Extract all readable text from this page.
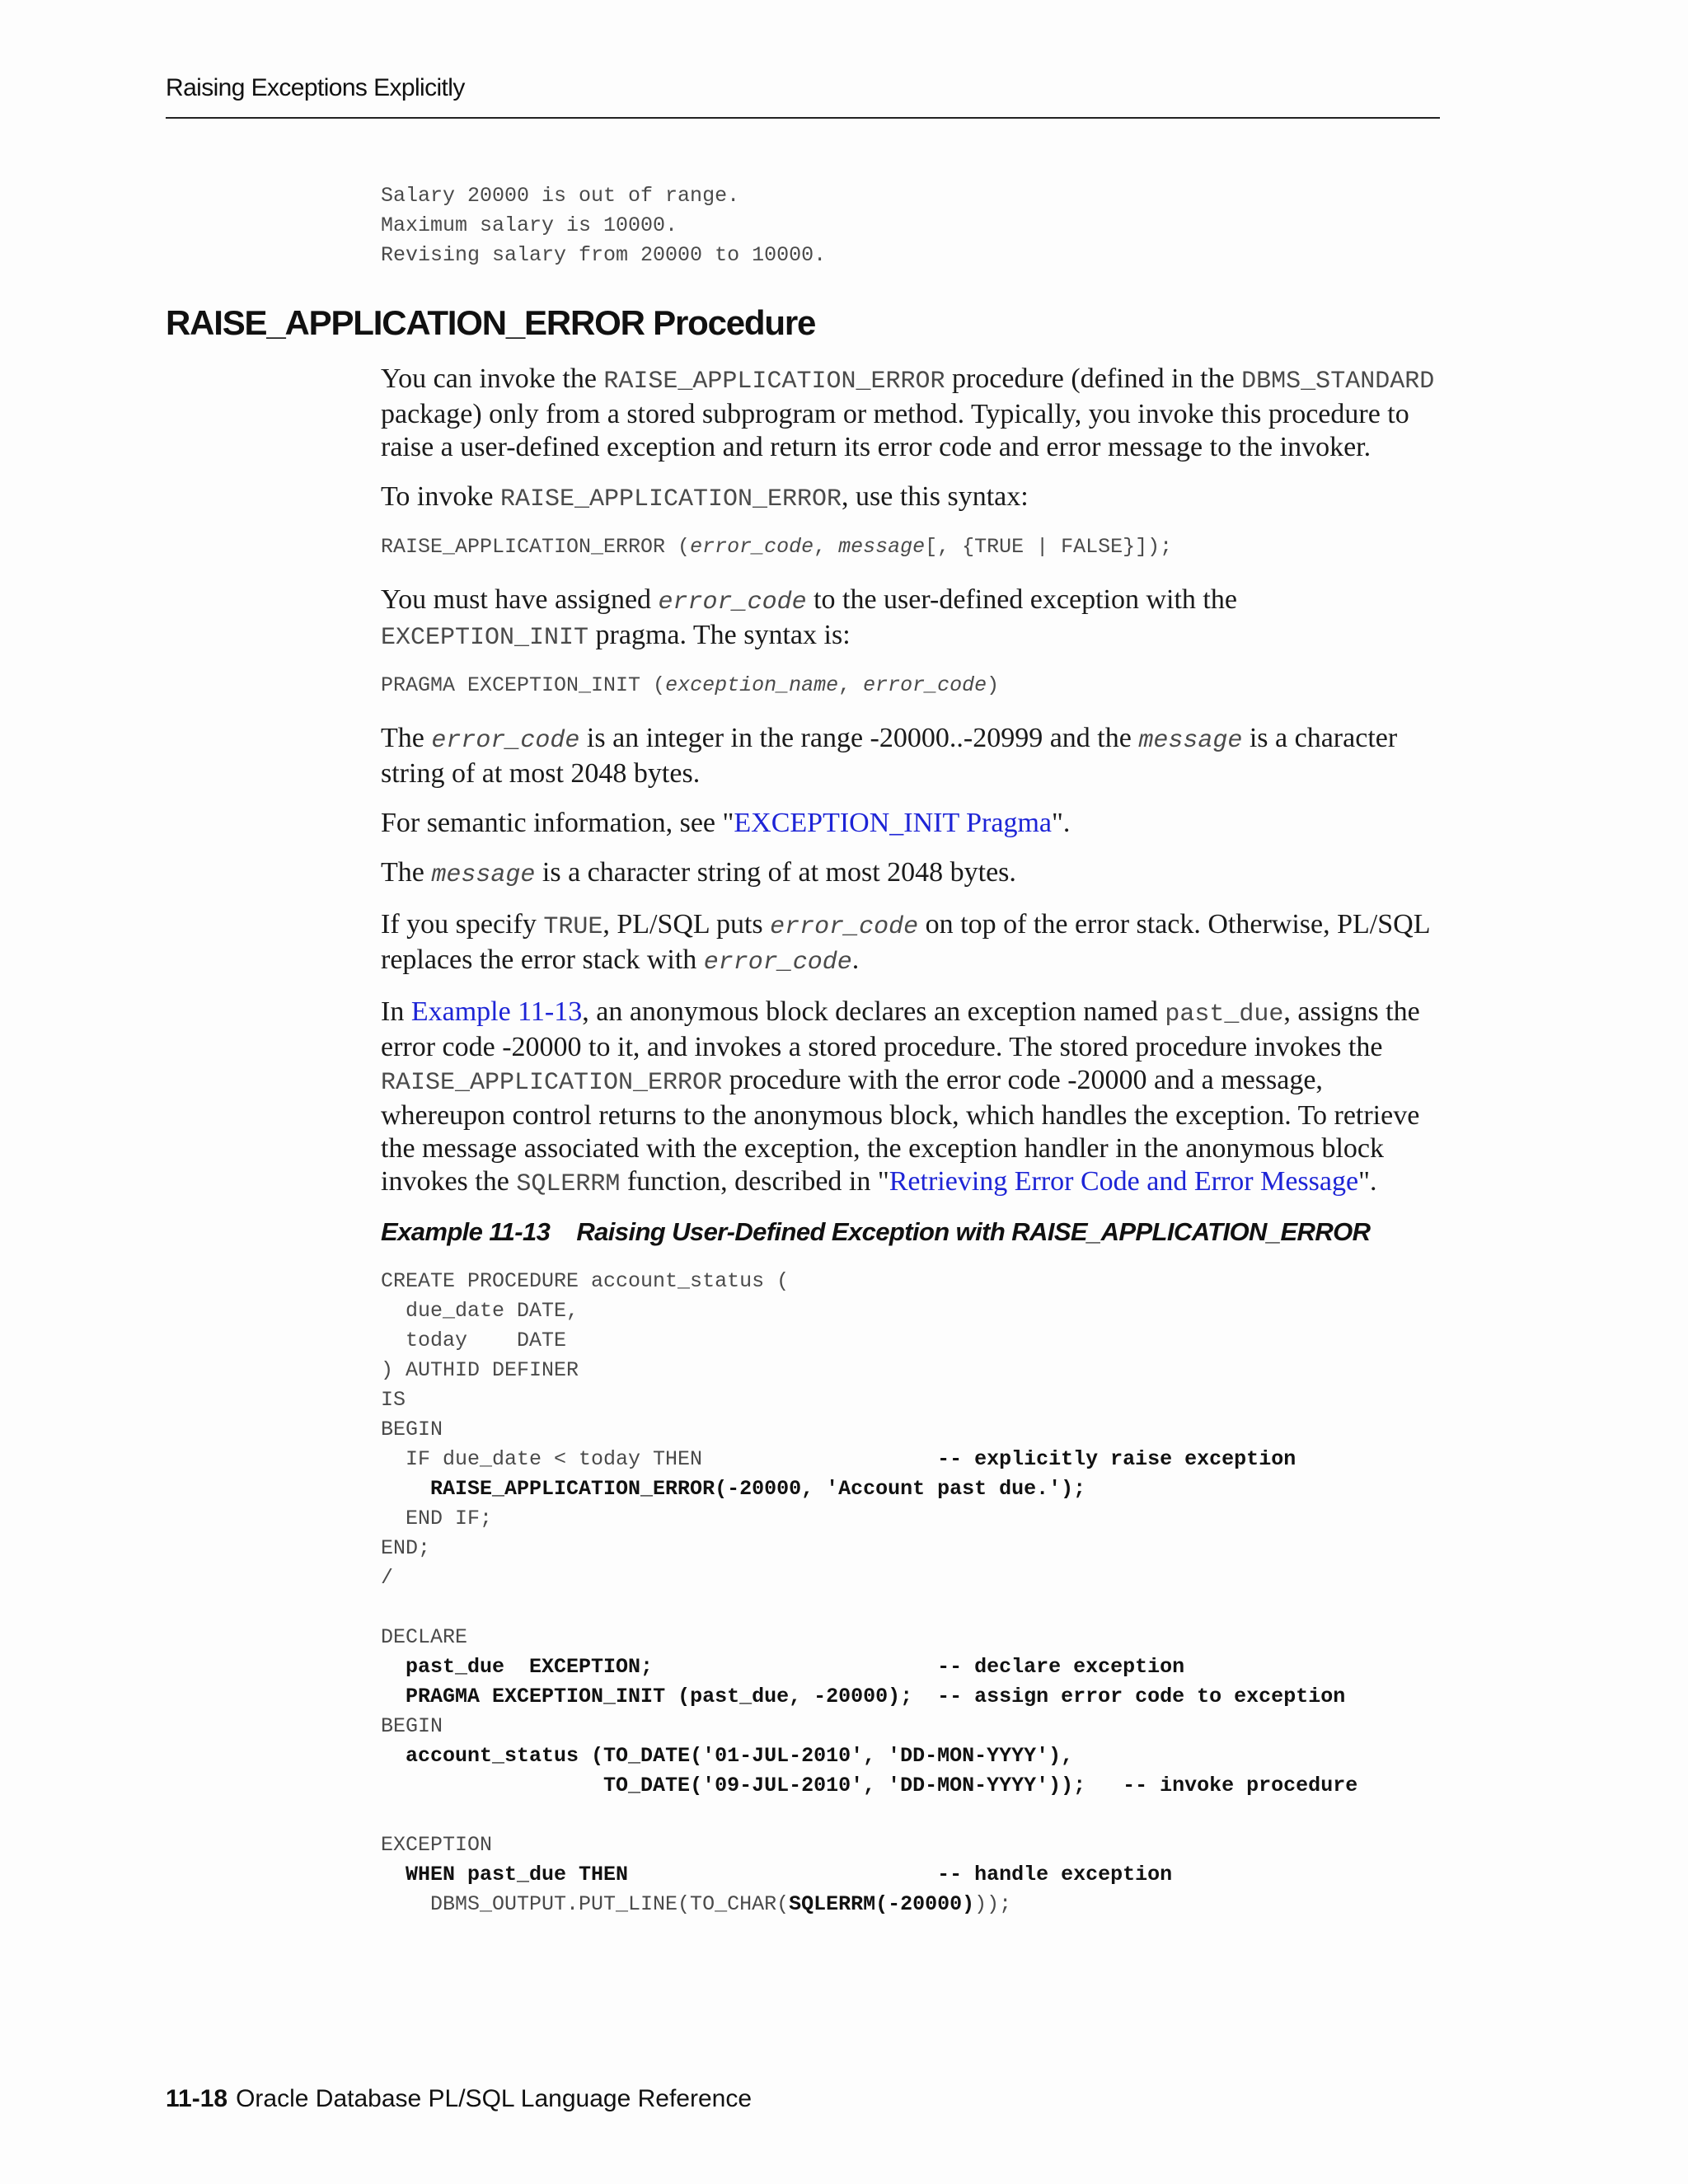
Raising Exceptions Explicitly
Salary 20000 is out of range.
Maximum salary is 10000.
Revising salary from 20000 to 10000.
RAISE_APPLICATION_ERROR Procedure

You can invoke the RAISE_APPLICATION_ERROR procedure (defined in the DBMS_STANDARD package) only from a stored subprogram or method. Typically, you invoke this procedure to raise a user-defined exception and return its error code and error message to the invoker.

To invoke RAISE_APPLICATION_ERROR, use this syntax:

RAISE_APPLICATION_ERROR (error_code, message[, {TRUE | FALSE}]);

You must have assigned error_code to the user-defined exception with the EXCEPTION_INIT pragma. The syntax is:

PRAGMA EXCEPTION_INIT (exception_name, error_code)

The error_code is an integer in the range -20000..-20999 and the message is a character string of at most 2048 bytes.

For semantic information, see "EXCEPTION_INIT Pragma".

The message is a character string of at most 2048 bytes.

If you specify TRUE, PL/SQL puts error_code on top of the error stack. Otherwise, PL/SQL replaces the error stack with error_code.

In Example 11-13, an anonymous block declares an exception named past_due, assigns the error code -20000 to it, and invokes a stored procedure. The stored procedure invokes the RAISE_APPLICATION_ERROR procedure with the error code -20000 and a message, whereupon control returns to the anonymous block, which handles the exception. To retrieve the message associated with the exception, the exception handler in the anonymous block invokes the SQLERRM function, described in "Retrieving Error Code and Error Message".

Example 11-13    Raising User-Defined Exception with RAISE_APPLICATION_ERROR
CREATE PROCEDURE account_status (
due_date DATE,
today    DATE
) AUTHID DEFINER
IS
BEGIN
IF due_date < today THEN                   -- explicitly raise exception
RAISE_APPLICATION_ERROR(-20000, 'Account past due.');
END IF;
END;
/

DECLARE
past_due  EXCEPTION;                       -- declare exception
PRAGMA EXCEPTION_INIT (past_due, -20000);  -- assign error code to exception
BEGIN
account_status (TO_DATE('01-JUL-2010', 'DD-MON-YYYY'),
TO_DATE('09-JUL-2010', 'DD-MON-YYYY'));   -- invoke procedure

EXCEPTION
WHEN past_due THEN                         -- handle exception
DBMS_OUTPUT.PUT_LINE(TO_CHAR(SQLERRM(-20000)));
11-18 Oracle Database PL/SQL Language Reference
